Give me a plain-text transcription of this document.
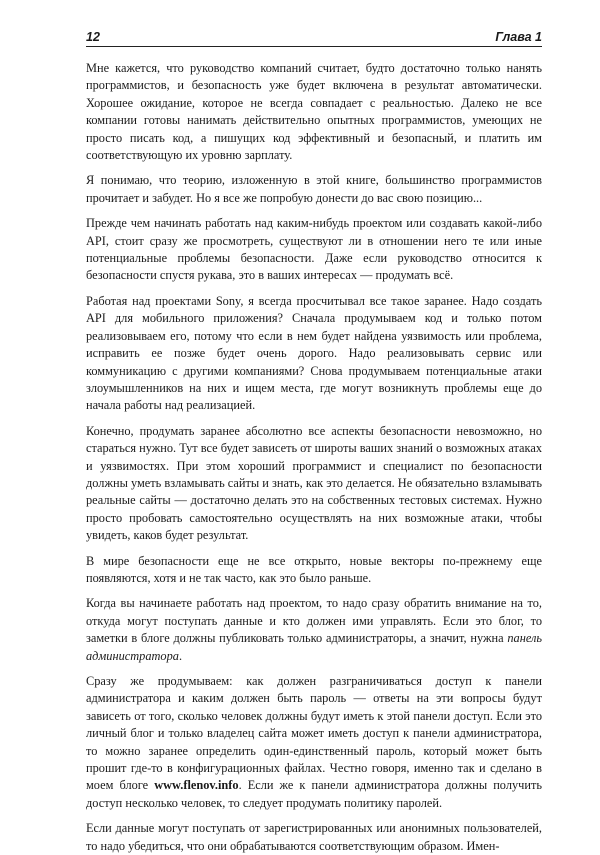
12	Глава 1

Мне кажется, что руководство компаний считает, будто достаточно только нанять программистов, и безопасность уже будет включена в результат автоматически. Хорошее ожидание, которое не всегда совпадает с реальностью. Далеко не все компании готовы нанимать действительно опытных программистов, умеющих не просто писать код, а пишущих код эффективный и безопасный, и платить им соответствующую их уровню зарплату.

Я понимаю, что теорию, изложенную в этой книге, большинство программистов прочитает и забудет. Но я все же попробую донести до вас свою позицию...

Прежде чем начинать работать над каким-нибудь проектом или создавать какой-либо API, стоит сразу же просмотреть, существуют ли в отношении него те или иные потенциальные проблемы безопасности. Даже если руководство относится к безопасности спустя рукава, это в ваших интересах — продумать всё.

Работая над проектами Sony, я всегда просчитывал все такое заранее. Надо создать API для мобильного приложения? Сначала продумываем код и только потом реализовываем его, потому что если в нем будет найдена уязвимость или проблема, исправить ее позже будет очень дорого. Надо реализовывать сервис или коммуникацию с другими компаниями? Снова продумываем потенциальные атаки злоумышленников на них и ищем места, где могут возникнуть проблемы еще до начала работы над реализацией.

Конечно, продумать заранее абсолютно все аспекты безопасности невозможно, но стараться нужно. Тут все будет зависеть от широты ваших знаний о возможных атаках и уязвимостях. При этом хороший программист и специалист по безопасности должны уметь взламывать сайты и знать, как это делается. Не обязательно взламывать реальные сайты — достаточно делать это на собственных тестовых системах. Нужно просто пробовать самостоятельно осуществлять на них возможные атаки, чтобы увидеть, каков будет результат.

В мире безопасности еще не все открыто, новые векторы по-прежнему еще появляются, хотя и не так часто, как это было раньше.

Когда вы начинаете работать над проектом, то надо сразу обратить внимание на то, откуда могут поступать данные и кто должен ими управлять. Если это блог, то заметки в блоге должны публиковать только администраторы, а значит, нужна панель администратора.

Сразу же продумываем: как должен разграничиваться доступ к панели администратора и каким должен быть пароль — ответы на эти вопросы будут зависеть от того, сколько человек должны будут иметь к этой панели доступ. Если это личный блог и только владелец сайта может иметь доступ к панели администратора, то можно заранее определить один-единственный пароль, который может быть прошит где-то в конфигурационных файлах. Честно говоря, именно так и сделано в моем блоге www.flenov.info. Если же к панели администратора должны получить доступ несколько человек, то следует продумать политику паролей.

Если данные могут поступать от зарегистрированных или анонимных пользователей, то надо убедиться, что они обрабатываются соответствующим образом. Имен-
